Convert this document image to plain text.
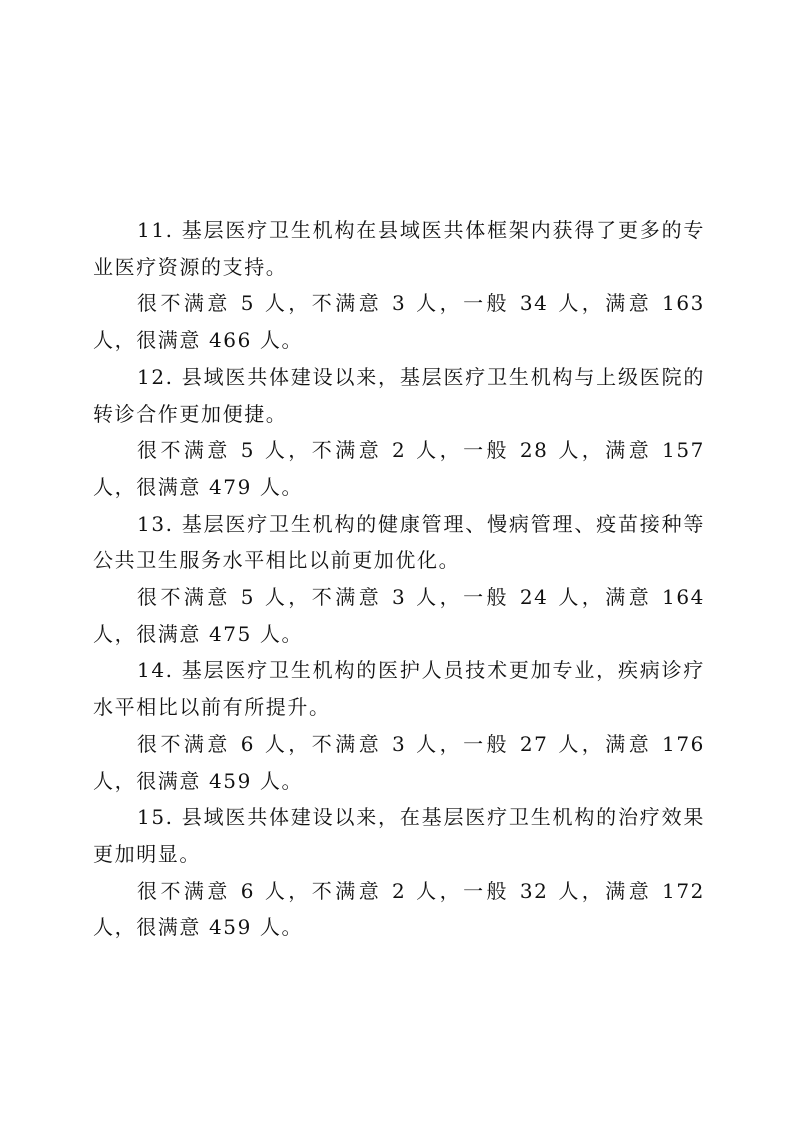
11. 基层医疗卫生机构在县域医共体框架内获得了更多的专业医疗资源的支持。

很不满意 5 人，不满意 3 人，一般 34 人，满意 163 人，很满意 466 人。

12. 县域医共体建设以来，基层医疗卫生机构与上级医院的转诊合作更加便捷。

很不满意 5 人，不满意 2 人，一般 28 人，满意 157 人，很满意 479 人。

13. 基层医疗卫生机构的健康管理、慢病管理、疫苗接种等公共卫生服务水平相比以前更加优化。

很不满意 5 人，不满意 3 人，一般 24 人，满意 164 人，很满意 475 人。

14. 基层医疗卫生机构的医护人员技术更加专业，疾病诊疗水平相比以前有所提升。

很不满意 6 人，不满意 3 人，一般 27 人，满意 176 人，很满意 459 人。

15. 县域医共体建设以来，在基层医疗卫生机构的治疗效果更加明显。

很不满意 6 人，不满意 2 人，一般 32 人，满意 172 人，很满意 459 人。
